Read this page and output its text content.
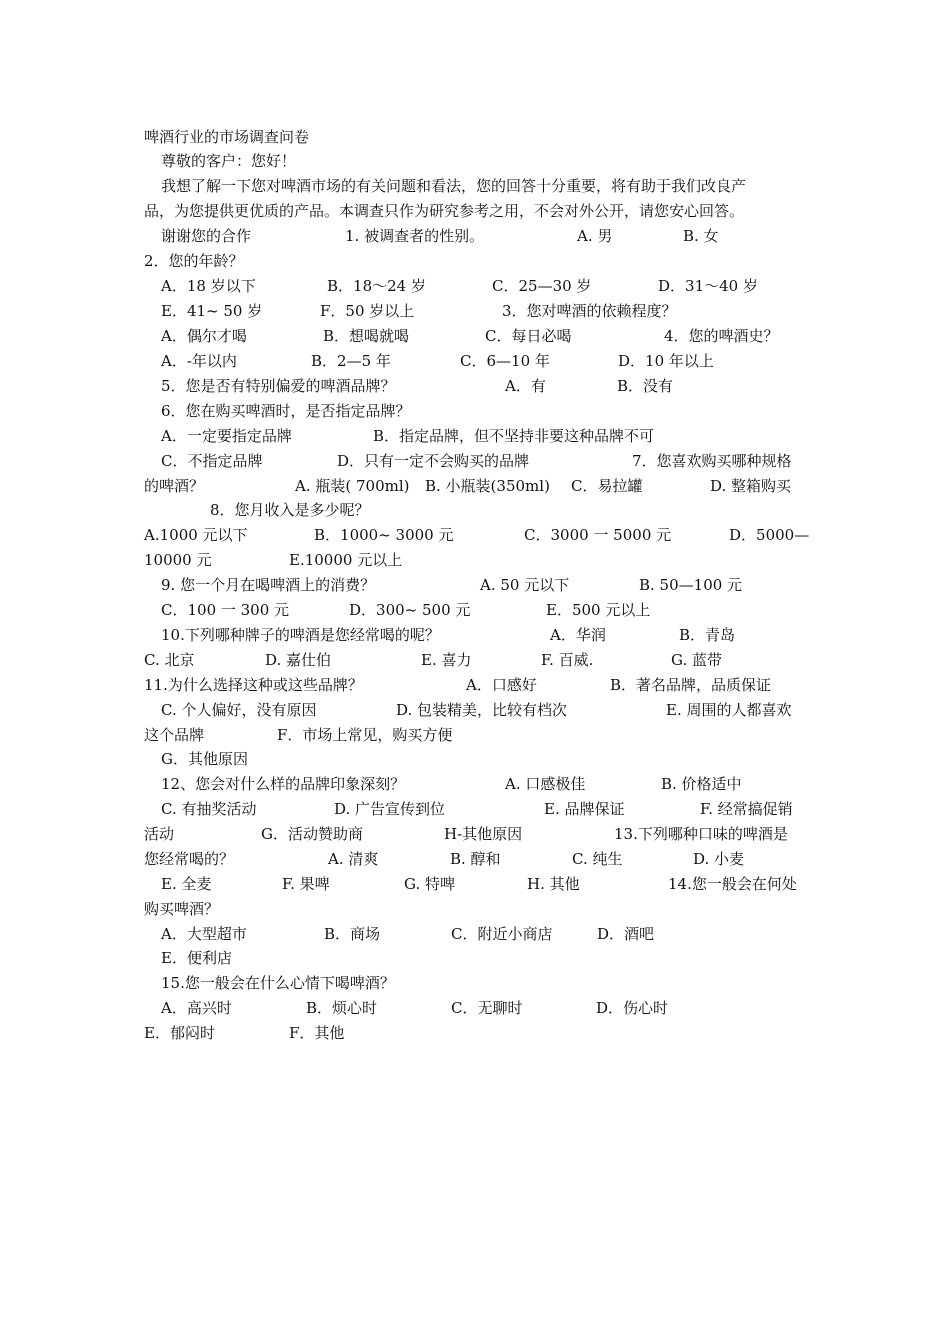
啤酒行业的市场调查问卷

尊敬的客户：您好！

我想了解一下您对啤酒市场的有关问题和看法，您的回答十分重要，将有助于我们改良产

品，为您提供更优质的产品。本调查只作为研究参考之用，不会对外公开，请您安心回答。

谢谢您的合作

	1. 被调查者的性别。

	A. 男

	B. 女

2．您的年龄？

A．18 岁以下

	B．18～24 岁

	C．25—30 岁

	D．31～40 岁

E．41~ 50 岁

	F．50 岁以上

	3．您对啤酒的依赖程度？

A．偶尔才喝

	B．想喝就喝

	C．每日必喝

	4．您的啤酒史？

A．-年以内

	B．2—5 年

	C．6—10 年

	D．10 年以上

5．您是否有特别偏爱的啤酒品牌？

	A．有

	B．没有

6．您在购买啤酒时，是否指定品牌？

A．一定要指定品牌

	B．指定品牌，但不坚持非要这种品牌不可

C．不指定品牌

	D．只有一定不会购买的品牌

	7．您喜欢购买哪种规格

的啤酒？

	A. 瓶装( 700ml)

B. 小瓶装(350ml)

C．易拉罐

	D. 整箱购买

8．您月收入是多少呢？

A.1000 元以下

	B．1000~ 3000 元

	C．3000 一 5000 元

	D．5000—

10000 元

	E.10000 元以上

9. 您一个月在喝啤酒上的消费？

	A. 50 元以下

	B. 50—100 元

C．100 一 300 元

	D．300~ 500 元

	E．500 元以上

10.下列哪种牌子的啤酒是您经常喝的呢？

	A．华润

	B．青岛

C. 北京

	D. 嘉仕伯

	E. 喜力

	F. 百威.

	G. 蓝带

11.为什么选择这种或这些品牌？

	A．口感好

	B．著名品牌，品质保证

C. 个人偏好，没有原因

	D. 包装精美，比较有档次

	E. 周围的人都喜欢

这个品牌

	F．市场上常见，购买方便

G．其他原因

12、您会对什么样的品牌印象深刻？

	A. 口感极佳

	B. 价格适中

C. 有抽奖活动

	D. 广告宣传到位

	E. 品牌保证

	F. 经常搞促销

活动

	G．活动赞助商

	H-其他原因

	13.下列哪种口味的啤酒是

您经常喝的？

	A. 清爽

	B. 醇和

	C. 纯生

	D. 小麦

E. 全麦

	F. 果啤

	G. 特啤

	H. 其他

	14.您一般会在何处

购买啤酒？

A．大型超市

	B．商场

	C．附近小商店

	D．酒吧

E．便利店

15.您一般会在什么心情下喝啤酒？

A．高兴时

	B．烦心时

	C．无聊时

	D．伤心时

E．郁闷时

	F．其他
